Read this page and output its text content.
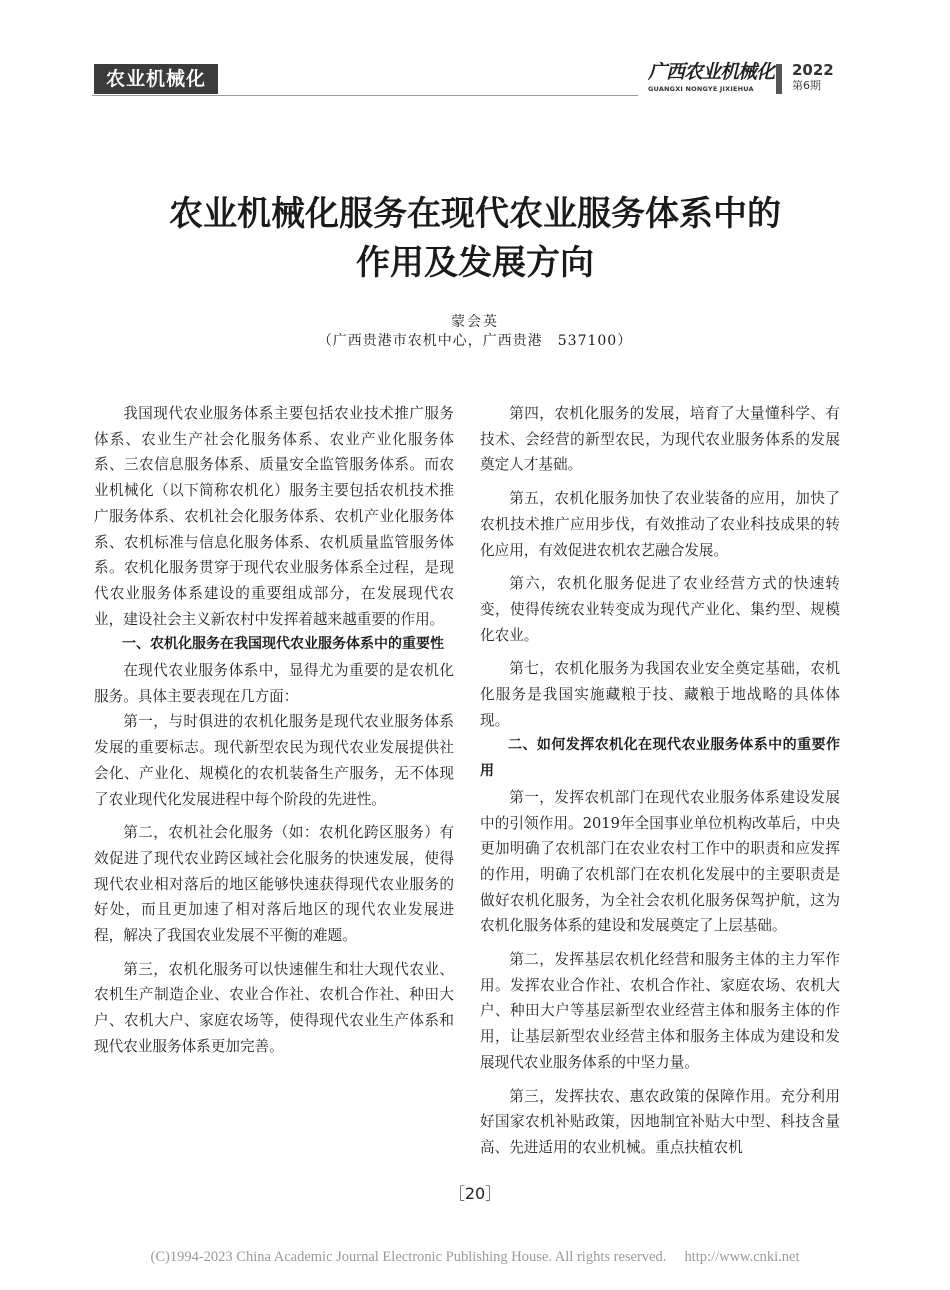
农业机械化	广西农业机械化
GUANGXI NONGYE JIXIEHUA
2022
第6期
农业机械化服务在现代农业服务体系中的
作用及发展方向
蒙会英
（广西贵港市农机中心，广西贵港　537100）

我国现代农业服务体系主要包括农业技术推广服务体系、农业生产社会化服务体系、农业产业化服务体系、三农信息服务体系、质量安全监管服务体系。而农业机械化（以下简称农机化）服务主要包括农机技术推广服务体系、农机社会化服务体系、农机产业化服务体系、农机标准与信息化服务体系、农机质量监管服务体系。农机化服务贯穿于现代农业服务体系全过程，是现代农业服务体系建设的重要组成部分，在发展现代农业，建设社会主义新农村中发挥着越来越重要的作用。

一、农机化服务在我国现代农业服务体系中的重要性

在现代农业服务体系中，显得尤为重要的是农机化服务。具体主要表现在几方面：

第一，与时俱进的农机化服务是现代农业服务体系发展的重要标志。现代新型农民为现代农业发展提供社会化、产业化、规模化的农机装备生产服务，无不体现了农业现代化发展进程中每个阶段的先进性。

第二，农机社会化服务（如：农机化跨区服务）有效促进了现代农业跨区域社会化服务的快速发展，使得现代农业相对落后的地区能够快速获得现代农业服务的好处，而且更加速了相对落后地区的现代农业发展进程，解决了我国农业发展不平衡的难题。

第三，农机化服务可以快速催生和壮大现代农业、农机生产制造企业、农业合作社、农机合作社、种田大户、农机大户、家庭农场等，使得现代农业生产体系和现代农业服务体系更加完善。

第四，农机化服务的发展，培育了大量懂科学、有技术、会经营的新型农民，为现代农业服务体系的发展奠定人才基础。

第五，农机化服务加快了农业装备的应用，加快了农机技术推广应用步伐，有效推动了农业科技成果的转化应用，有效促进农机农艺融合发展。

第六，农机化服务促进了农业经营方式的快速转变，使得传统农业转变成为现代产业化、集约型、规模化农业。

第七，农机化服务为我国农业安全奠定基础，农机化服务是我国实施藏粮于技、藏粮于地战略的具体体现。

二、如何发挥农机化在现代农业服务体系中的重要作用

第一，发挥农机部门在现代农业服务体系建设发展中的引领作用。2019年全国事业单位机构改革后，中央更加明确了农机部门在农业农村工作中的职责和应发挥的作用，明确了农机部门在农机化发展中的主要职责是做好农机化服务，为全社会农机化服务保驾护航，这为农机化服务体系的建设和发展奠定了上层基础。

第二，发挥基层农机化经营和服务主体的主力军作用。发挥农业合作社、农机合作社、家庭农场、农机大户、种田大户等基层新型农业经营主体和服务主体的作用，让基层新型农业经营主体和服务主体成为建设和发展现代农业服务体系的中坚力量。

第三，发挥扶农、惠农政策的保障作用。充分利用好国家农机补贴政策，因地制宜补贴大中型、科技含量高、先进适用的农业机械。重点扶植农机

［20］
(C)1994-2023 China Academic Journal Electronic Publishing House. All rights reserved.　 http://www.cnki.net
